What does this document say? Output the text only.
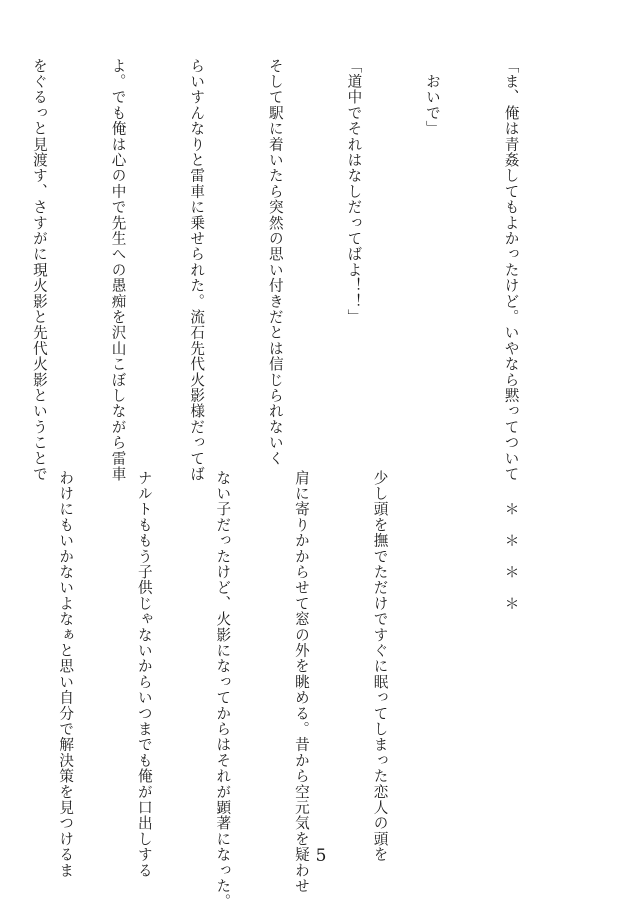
「ま、俺は青姦してもよかったけど。いやなら黙ってついて

　おいで」

「道中でそれはなしだってばよ！！」

そして駅に着いたら突然の思い付きだとは信じられないく

らいすんなりと雷車に乗せられた。流石先代火影様だってば

よ。でも俺は心の中で先生への愚痴を沢山こぼしながら雷車

をぐるっと見渡す、さすがに現火影と先代火影ということで

　　＊　＊　＊　＊

少し頭を撫でただけですぐに眠ってしまった恋人の頭を

肩に寄りかからせて窓の外を眺める。昔から空元気を疑わせ

ない子だったけど、火影になってからはそれが顕著になった。

ナルトももう子供じゃないからいつまでも俺が口出しする

わけにもいかないよなぁと思い自分で解決策を見つけるま

	5
